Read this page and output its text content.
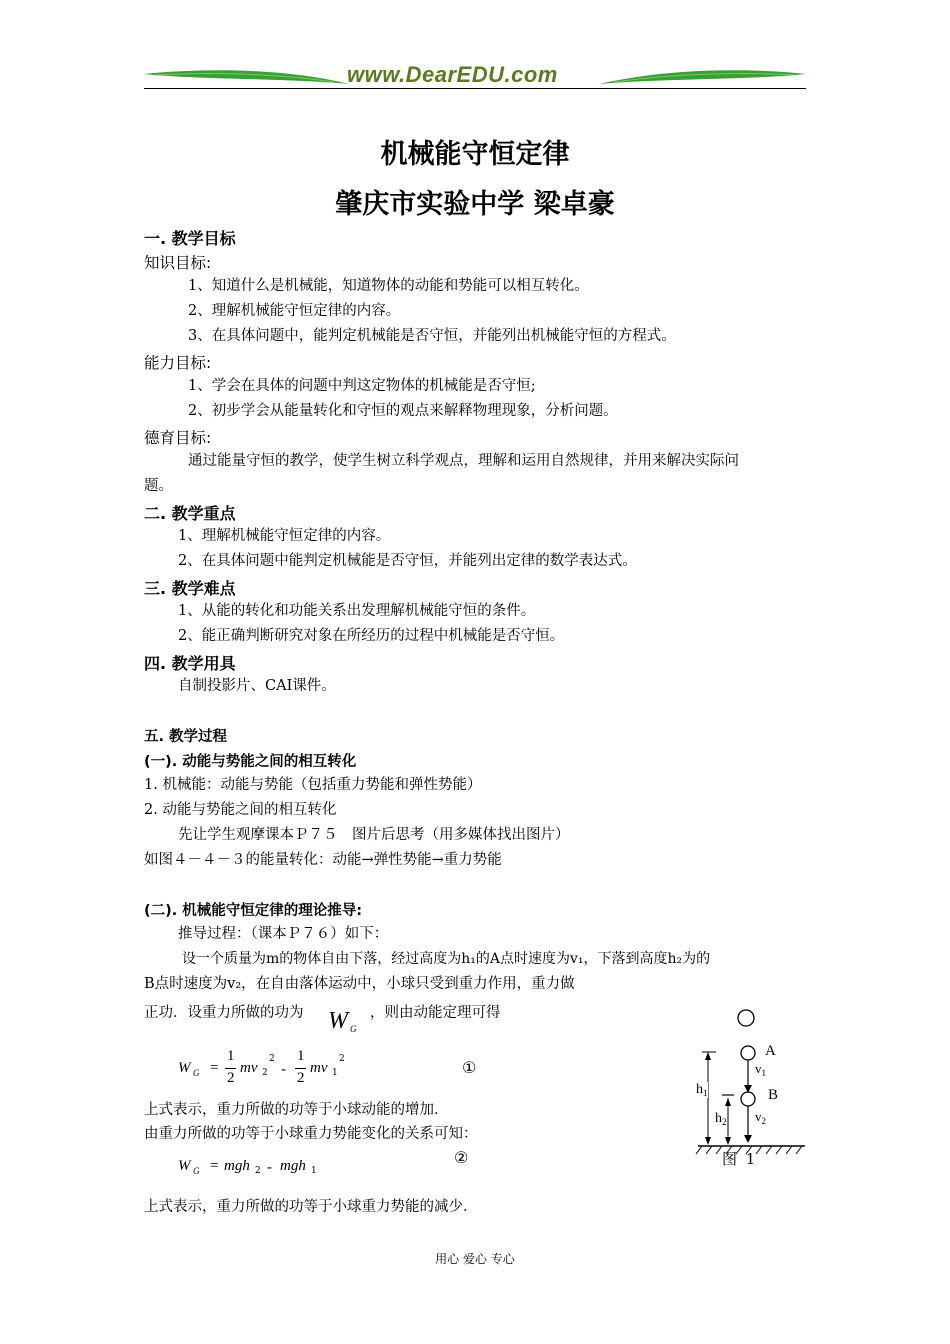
www.DearEDU.com
机械能守恒定律
肇庆市实验中学 梁卓豪
一. 教学目标
知识目标:
1、知道什么是机械能，知道物体的动能和势能可以相互转化。
2、理解机械能守恒定律的内容。
3、在具体问题中，能判定机械能是否守恒，并能列出机械能守恒的方程式。
能力目标:
1、学会在具体的问题中判这定物体的机械能是否守恒;
2、初步学会从能量转化和守恒的观点来解释物理现象，分析问题。
德育目标:
通过能量守恒的教学，使学生树立科学观点，理解和运用自然规律，并用来解决实际问
题。
二. 教学重点
1、理解机械能守恒定律的内容。
2、在具体问题中能判定机械能是否守恒，并能列出定律的数学表达式。
三. 教学难点
1、从能的转化和功能关系出发理解机械能守恒的条件。
2、能正确判断研究对象在所经历的过程中机械能是否守恒。
四. 教学用具
自制投影片、CAI课件。
五. 教学过程
(一). 动能与势能之间的相互转化
1. 机械能：动能与势能（包括重力势能和弹性势能）
2. 动能与势能之间的相互转化
先让学生观摩课本Ｐ７５　图片后思考（用多媒体找出图片）
如图４－４－３的能量转化：动能→弹性势能→重力势能
(二). 机械能守恒定律的理论推导:
推导过程：（课本Ｐ７６）如下：
设一个质量为m的物体自由下落，经过高度为h₁的A点时速度为v₁，下落到高度h₂为的
B点时速度为v₂，在自由落体运动中，小球只受到重力作用，重力做
正功．设重力所做的功为 W $_G$
，则由动能定理可得
W G =
1
2
mv 2
2
-
1
2
mv 1
2	①
上式表示，重力所做的功等于小球动能的增加．
由重力所做的功等于小球重力势能变化的关系可知：
W G = mgh 2 - mgh 1
②
上式表示，重力所做的功等于小球重力势能的减少．
A
$v_1$
B
$v_2$
$h_1$
$h_2$
图 1
用心 爱心 专心
